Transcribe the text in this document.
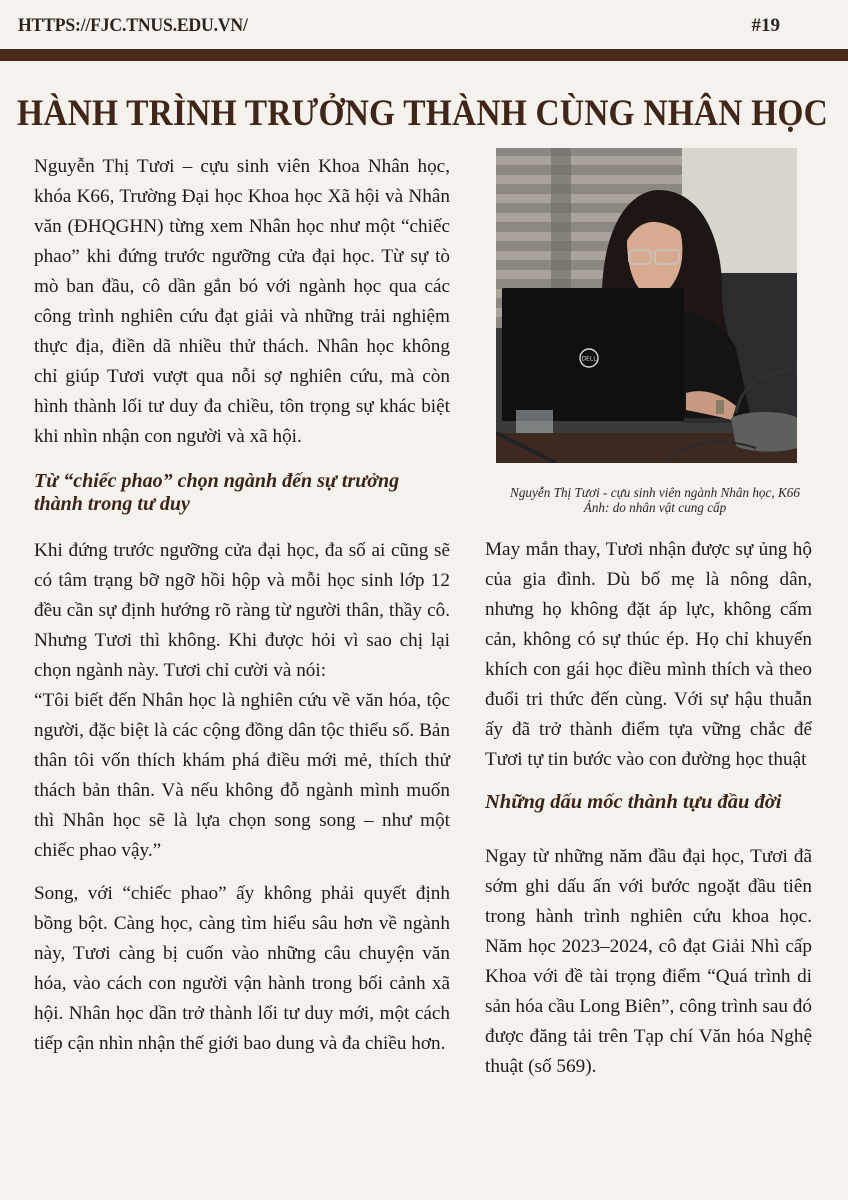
HTTPS://FJC.TNUS.EDU.VN/	#19
HÀNH TRÌNH TRƯỞNG THÀNH CÙNG NHÂN HỌC

Nguyễn Thị Tươi – cựu sinh viên Khoa Nhân học, khóa K66, Trường Đại học Khoa học Xã hội và Nhân văn (ĐHQGHN) từng xem Nhân học như một “chiếc phao” khi đứng trước ngưỡng cửa đại học. Từ sự tò mò ban đầu, cô dần gắn bó với ngành học qua các công trình nghiên cứu đạt giải và những trải nghiệm thực địa, điền dã nhiều thử thách. Nhân học không chỉ giúp Tươi vượt qua nỗi sợ nghiên cứu, mà còn hình thành lối tư duy đa chiều, tôn trọng sự khác biệt khi nhìn nhận con người và xã hội.

Từ “chiếc phao” chọn ngành đến sự trưởng thành trong tư duy

Khi đứng trước ngưỡng cửa đại học, đa số ai cũng sẽ có tâm trạng bỡ ngỡ hồi hộp và mỗi học sinh lớp 12 đều cần sự định hướng rõ ràng từ người thân, thầy cô. Nhưng Tươi thì không. Khi được hỏi vì sao chị lại chọn ngành này. Tươi chỉ cười và nói:

“Tôi biết đến Nhân học là nghiên cứu về văn hóa, tộc người, đặc biệt là các cộng đồng dân tộc thiểu số. Bản thân tôi vốn thích khám phá điều mới mẻ, thích thử thách bản thân. Và nếu không đỗ ngành mình muốn thì Nhân học sẽ là lựa chọn song song – như một chiếc phao vậy.”

Song, với “chiếc phao” ấy không phải quyết định bồng bột. Càng học, càng tìm hiểu sâu hơn về ngành này, Tươi càng bị cuốn vào những câu chuyện văn hóa, vào cách con người vận hành trong bối cảnh xã hội. Nhân học dần trở thành lối tư duy mới, một cách tiếp cận nhìn nhận thế giới bao dung và đa chiều hơn.

DELL
Nguyễn Thị Tươi - cựu sinh viên ngành Nhân học, K66
Ảnh: do nhân vật cung cấp

May mắn thay, Tươi nhận được sự ủng hộ của gia đình. Dù bố mẹ là nông dân, nhưng họ không đặt áp lực, không cấm cản, không có sự thúc ép. Họ chỉ khuyến khích con gái học điều mình thích và theo đuổi tri thức đến cùng. Với sự hậu thuẫn ấy đã trở thành điểm tựa vững chắc để Tươi tự tin bước vào con đường học thuật

Những dấu mốc thành tựu đầu đời

Ngay từ những năm đầu đại học, Tươi đã sớm ghi dấu ấn với bước ngoặt đầu tiên trong hành trình nghiên cứu khoa học. Năm học 2023–2024, cô đạt Giải Nhì cấp Khoa với đề tài trọng điểm “Quá trình di sản hóa cầu Long Biên”, công trình sau đó được đăng tải trên Tạp chí Văn hóa Nghệ thuật (số 569).
